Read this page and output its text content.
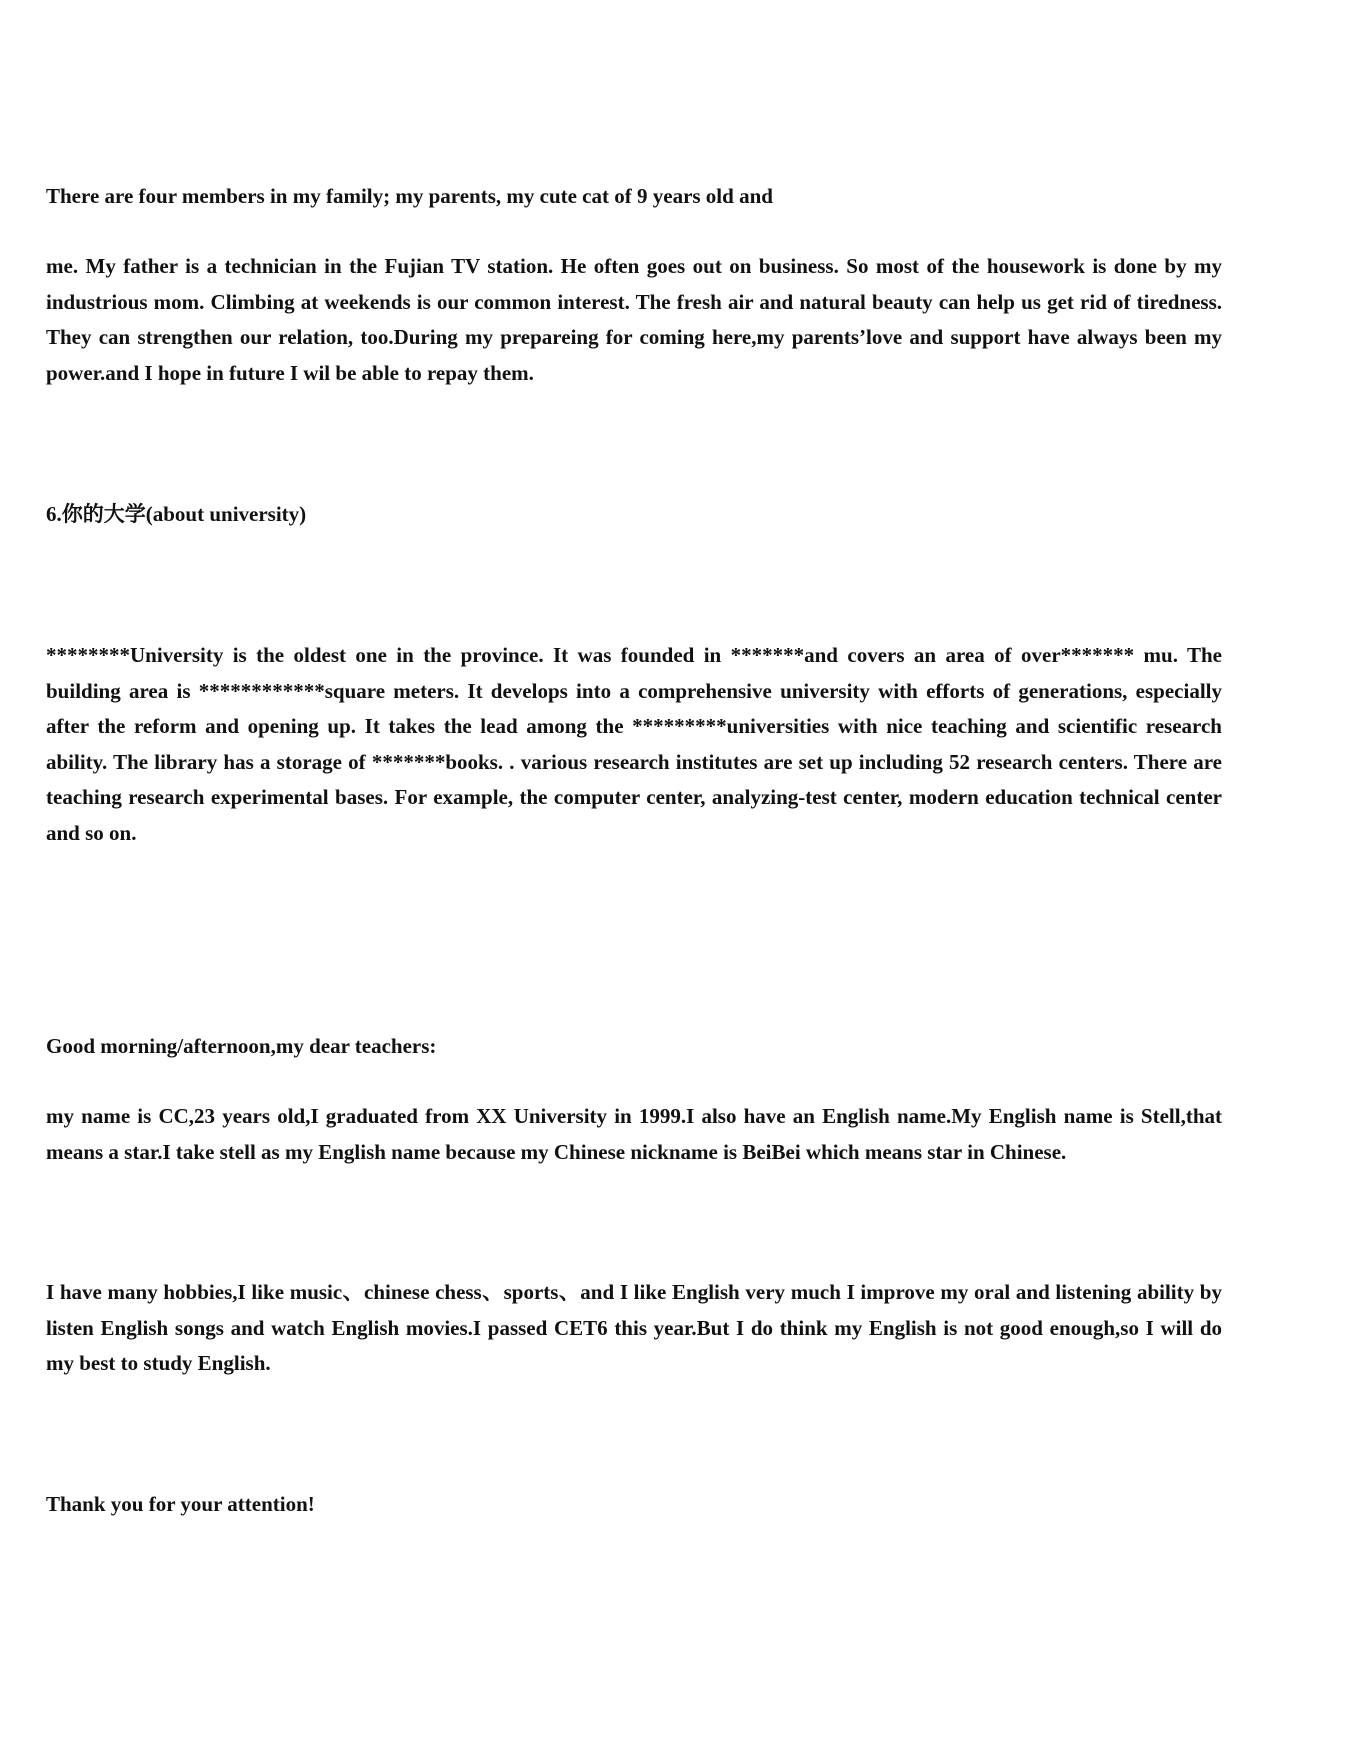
There are four members in my family; my parents, my cute cat of 9 years old and

me. My father is a technician in the Fujian TV station. He often goes out on business. So most of the housework is done by my industrious mom. Climbing at weekends is our common interest. The fresh air and natural beauty can help us get rid of tiredness. They can strengthen our relation, too.During my prepareing for coming here,my parents’love and support have always been my power.and I hope in future I wil be able to repay them.

6.你的大学(about university)

********University is the oldest one in the province. It was founded in *******and covers an area of over******* mu. The building area is ************square meters. It develops into a comprehensive university with efforts of generations, especially after the reform and opening up. It takes the lead among the *********universities with nice teaching and scientific research ability. The library has a storage of *******books. . various research institutes are set up including 52 research centers. There are teaching research experimental bases. For example, the computer center, analyzing-test center, modern education technical center and so on.

Good morning/afternoon,my dear teachers:

my name is CC,23 years old,I graduated from XX University in 1999.I also have an English name.My English name is Stell,that means a star.I take stell as my English name because my Chinese nickname is BeiBei which means star in Chinese.

I have many hobbies,I like music、chinese chess、sports、and I like English very much I improve my oral and listening ability by listen English songs and watch English movies.I passed CET6 this year.But I do think my English is not good enough,so I will do my best to study English.

Thank you for your attention!
